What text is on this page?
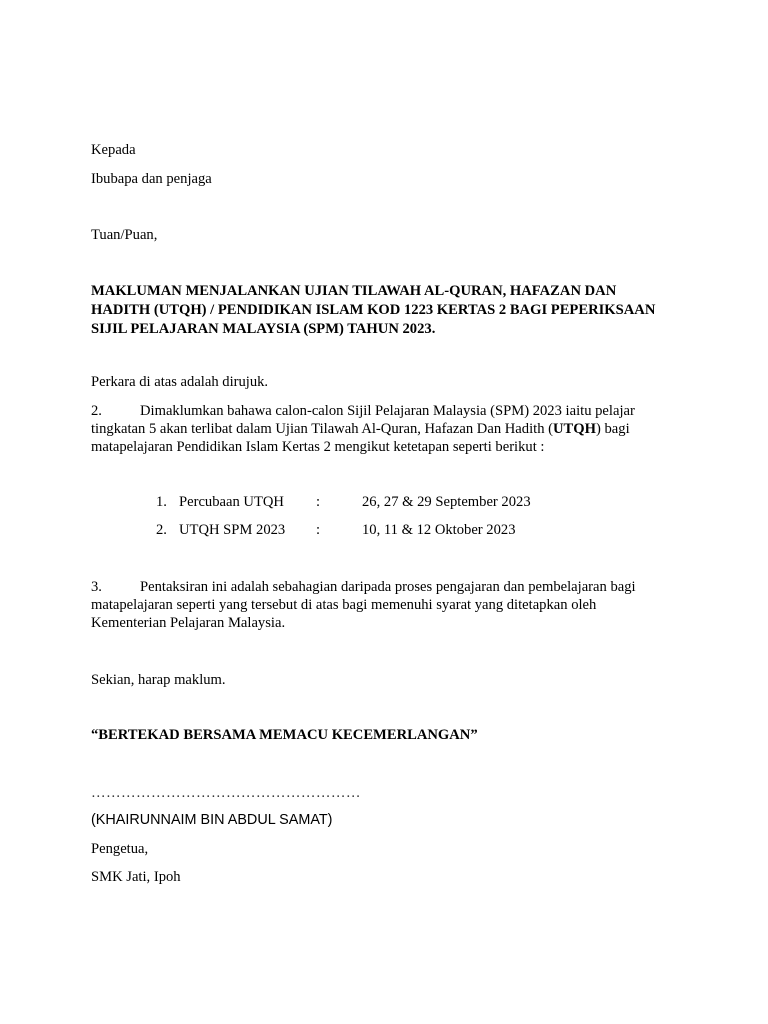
Kepada
Ibubapa dan penjaga
Tuan/Puan,
MAKLUMAN MENJALANKAN UJIAN TILAWAH AL-QURAN, HAFAZAN DAN
HADITH (UTQH) / PENDIDIKAN ISLAM KOD 1223 KERTAS 2 BAGI PEPERIKSAAN
SIJIL PELAJARAN MALAYSIA (SPM) TAHUN 2023.
Perkara di atas adalah dirujuk.
2.	Dimaklumkan bahawa calon-calon Sijil Pelajaran Malaysia (SPM) 2023 iaitu pelajar
tingkatan 5 akan terlibat dalam Ujian Tilawah Al-Quran, Hafazan Dan Hadith (UTQH) bagi
matapelajaran Pendidikan Islam Kertas 2 mengikut ketetapan seperti berikut :
1. Percubaan UTQH :	26, 27 & 29 September 2023
2. UTQH SPM 2023 :	10, 11 & 12 Oktober 2023
3.	Pentaksiran ini adalah sebahagian daripada proses pengajaran dan pembelajaran bagi
matapelajaran seperti yang tersebut di atas bagi memenuhi syarat yang ditetapkan oleh
Kementerian Pelajaran Malaysia.
Sekian, harap maklum.
“BERTEKAD BERSAMA MEMACU KECEMERLANGAN”
………………………………………………
(KHAIRUNNAIM BIN ABDUL SAMAT)
Pengetua,
SMK Jati, Ipoh
